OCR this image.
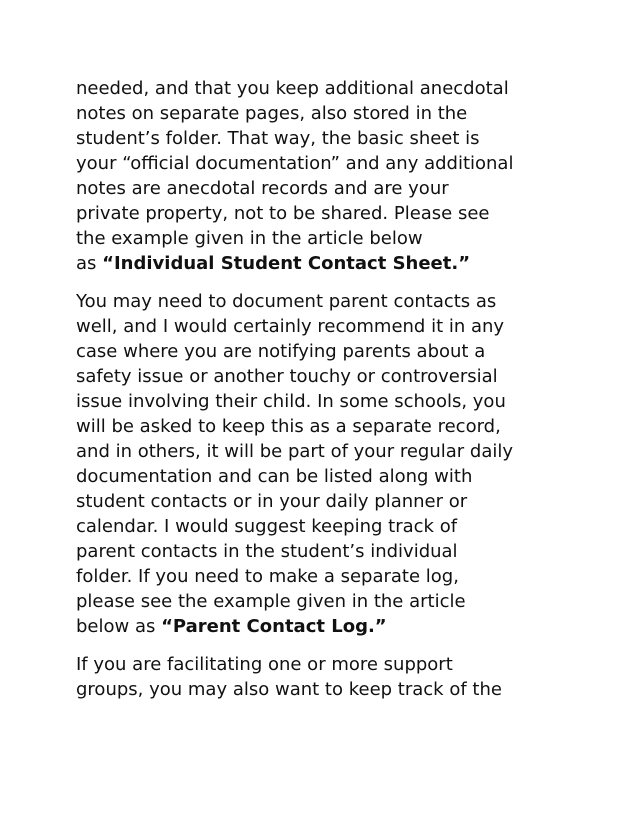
needed, and that you keep additional anecdotal
notes on separate pages, also stored in the
student’s folder. That way, the basic sheet is
your “official documentation” and any additional
notes are anecdotal records and are your
private property, not to be shared. Please see
the example given in the article below
as “Individual Student Contact Sheet.”

You may need to document parent contacts as
well, and I would certainly recommend it in any
case where you are notifying parents about a
safety issue or another touchy or controversial
issue involving their child. In some schools, you
will be asked to keep this as a separate record,
and in others, it will be part of your regular daily
documentation and can be listed along with
student contacts or in your daily planner or
calendar. I would suggest keeping track of
parent contacts in the student’s individual
folder. If you need to make a separate log,
please see the example given in the article
below as “Parent Contact Log.”

If you are facilitating one or more support
groups, you may also want to keep track of the
